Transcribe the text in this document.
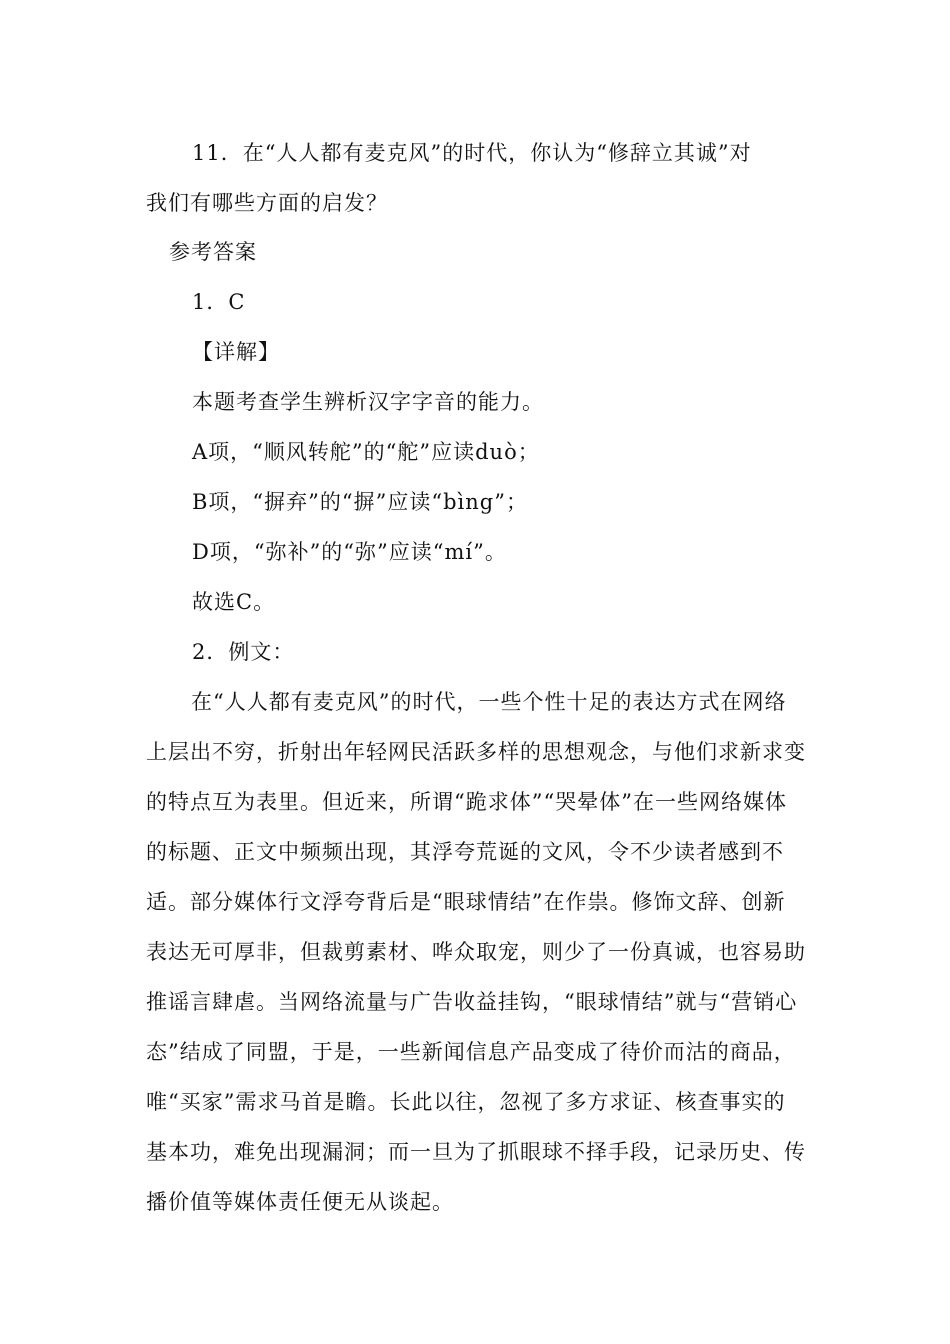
11．在“人人都有麦克风”的时代，你认为“修辞立其诚”对
我们有哪些方面的启发？
参考答案
1．C
【详解】
本题考查学生辨析汉字字音的能力。
A项，“顺风转舵”的“舵”应读duò；
B项，“摒弃”的“摒”应读“bìng”；
D项，“弥补”的“弥”应读“mí”。
故选C。
2．例文：

在“人人都有麦克风”的时代，一些个性十足的表达方式在网络上层出不穷，折射出年轻网民活跃多样的思想观念，与他们求新求变的特点互为表里。但近来，所谓“跪求体”“哭晕体”在一些网络媒体的标题、正文中频频出现，其浮夸荒诞的文风，令不少读者感到不适。部分媒体行文浮夸背后是“眼球情结”在作祟。修饰文辞、创新表达无可厚非，但裁剪素材、哗众取宠，则少了一份真诚，也容易助推谣言肆虐。当网络流量与广告收益挂钩，“眼球情结”就与“营销心态”结成了同盟，于是，一些新闻信息产品变成了待价而沽的商品，唯“买家”需求马首是瞻。长此以往，忽视了多方求证、核查事实的基本功，难免出现漏洞；而一旦为了抓眼球不择手段，记录历史、传播价值等媒体责任便无从谈起。
